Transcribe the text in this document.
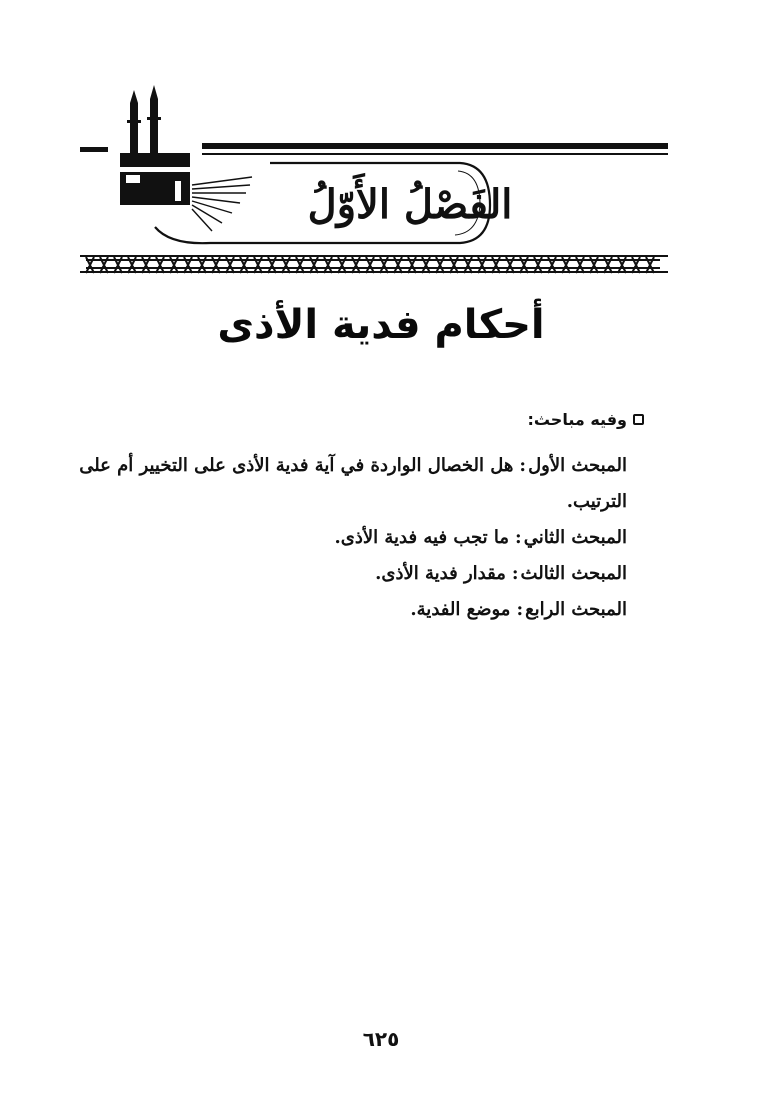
الفَصْلُ الأَوّلُ
أحكام فدية الأذى
وفيه مباحث:

المبحث الأول:هل الخصال الواردة في آية فدية الأذى على التخيير أم على الترتيب.

المبحث الثاني:ما تجب فيه فدية الأذى.

المبحث الثالث:مقدار فدية الأذى.

المبحث الرابع:موضع الفدية.

٦٢٥
